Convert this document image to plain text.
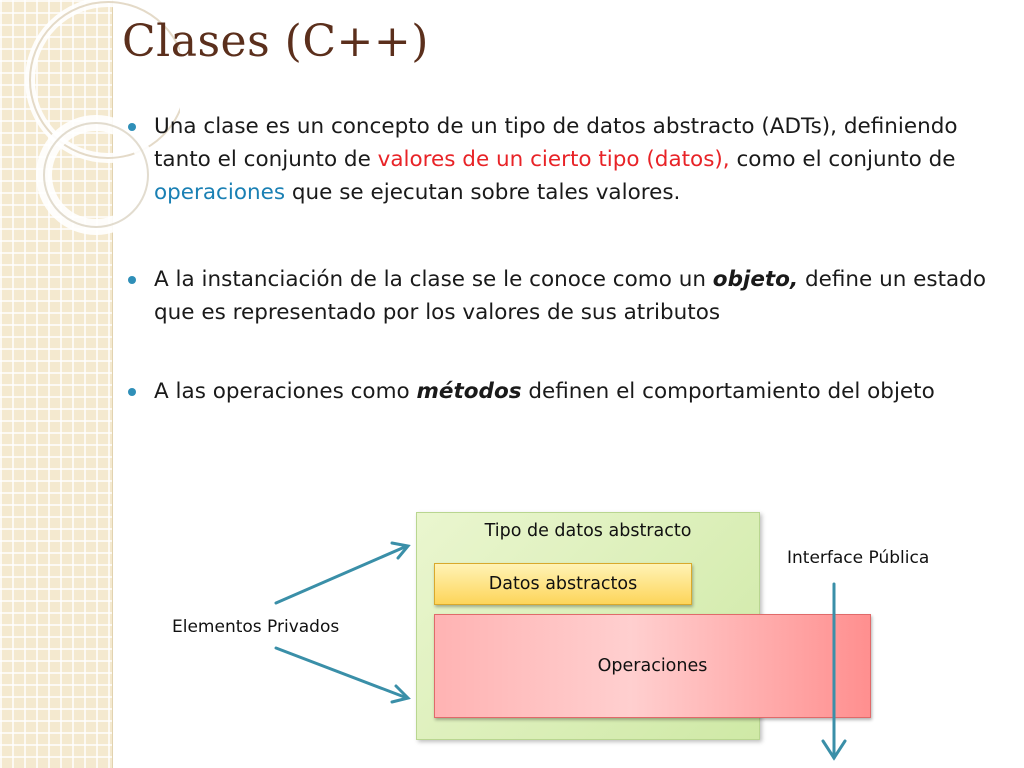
Clases (C++)
Una clase es un concepto de un tipo de datos abstracto (ADTs), definiendo tanto el conjunto de valores de un cierto tipo (datos), como el conjunto de operaciones que se ejecutan sobre tales valores.
A la instanciación de la clase se le conoce como un objeto, define un estado que es representado por los valores de sus atributos
A las operaciones como métodos definen el comportamiento del objeto
Tipo de datos abstracto
Datos abstractos
Operaciones
Elementos Privados
Interface Pública
